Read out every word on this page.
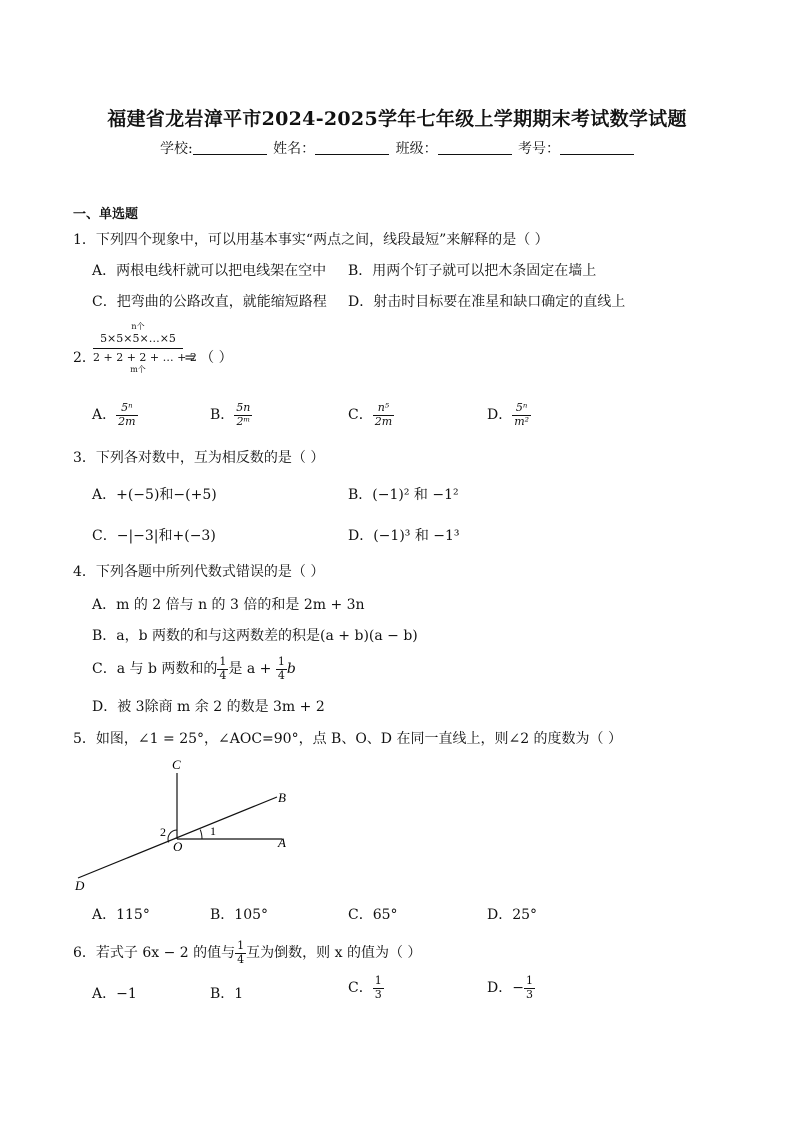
福建省龙岩漳平市2024-2025学年七年级上学期期末考试数学试题
学校:	姓名：	班级：	考号：
一、单选题
1．下列四个现象中，可以用基本事实“两点之间，线段最短”来解释的是（ ）
A．两根电线杆就可以把电线架在空中 B．用两个钉子就可以把木条固定在墙上
C．把弯曲的公路改直，就能缩短路程 D．射击时目标要在准星和缺口确定的直线上
2．
n个
5×5×5×…×5
2 + 2 + 2 + … + 2
m个
= （ ）
A． $\frac{\text{5ⁿ}}{2m}$	B． $\frac{5n}{\text{2ᵐ}}$	C． $\frac{\text{n⁵}}{2m}$	D． $\frac{\text{5ⁿ}}{\text{m²}}$
3．下列各对数中，互为相反数的是（ ）
A．+(−5)和−(+5)	B．(−1)² 和 −1²
C．−|−3|和+(−3)	D．(−1)³ 和 −1³
4．下列各题中所列代数式错误的是（ ）
A．m 的 2 倍与 n 的 3 倍的和是 2m + 3n
B．a，b 两数的和与这两数差的积是(a + b)(a − b)
C．a 与 b 两数和的 $\frac{1}{4}$ 是 $a + \frac{1}{4}$ b
D．被 3除商 m 余 2 的数是 3m + 2
5．如图，∠1 = 25°，∠AOC=90°，点 B、O、D 在同一直线上，则∠2 的度数为（ ）
C
B
O	A
D
1
2
A．115°	B．105°	C．65°	D．25°
6．若式子 6x − 2 的值与 $\frac{1}{4}$ 互为倒数，则 x 的值为（ ）
A．−1	B．1	C． $\frac{1}{3}$	D．− $\frac{1}{3}$
